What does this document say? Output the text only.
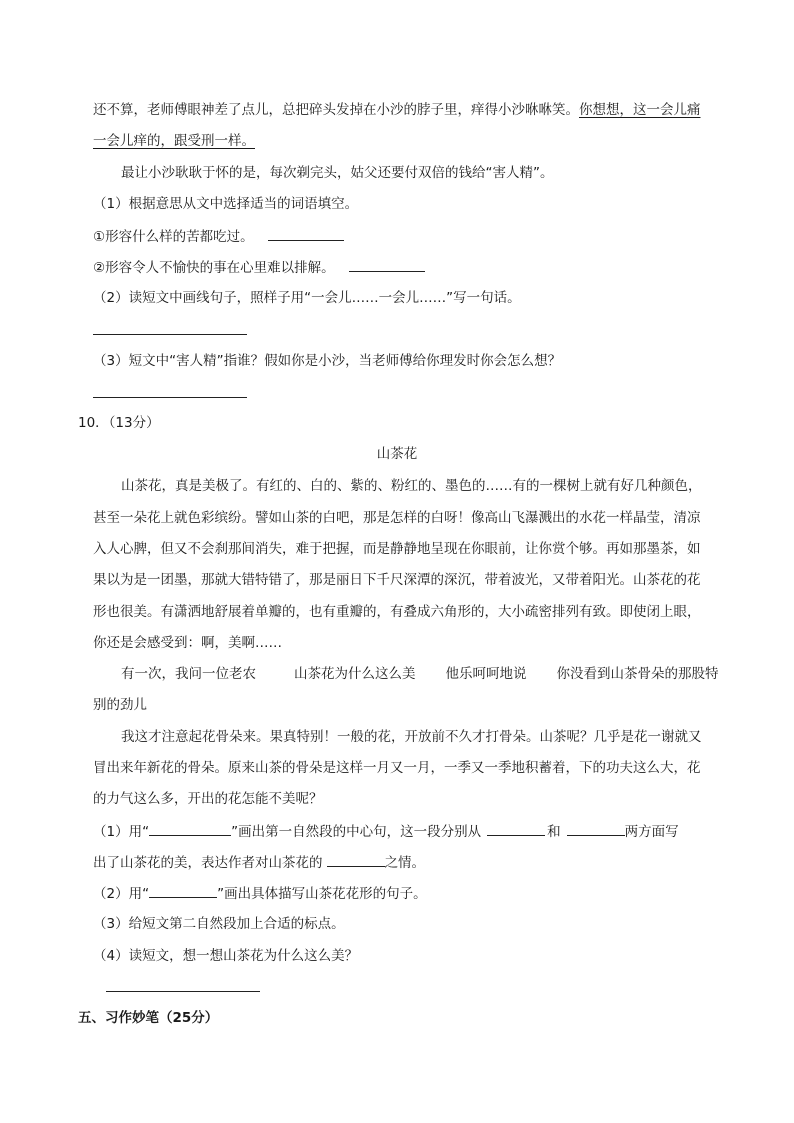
还不算，老师傅眼神差了点儿，总把碎头发掉在小沙的脖子里，痒得小沙咻咻笑。你想想，这一会儿痛
一会儿痒的，跟受刑一样。
最让小沙耿耿于怀的是，每次剃完头，姑父还要付双倍的钱给“害人精”。
（1）根据意思从文中选择适当的词语填空。
①形容什么样的苦都吃过。
②形容令人不愉快的事在心里难以排解。
（2）读短文中画线句子，照样子用“一会儿……一会儿……”写一句话。
（3）短文中“害人精”指谁？假如你是小沙，当老师傅给你理发时你会怎么想？
10．（13分）
山茶花
山茶花，真是美极了。有红的、白的、紫的、粉红的、墨色的……有的一棵树上就有好几种颜色，
甚至一朵花上就色彩缤纷。譬如山茶的白吧，那是怎样的白呀！像高山飞瀑溅出的水花一样晶莹，清凉
入人心脾，但又不会刹那间消失，难于把握，而是静静地呈现在你眼前，让你赏个够。再如那墨茶，如
果以为是一团墨，那就大错特错了，那是丽日下千尺深潭的深沉，带着波光，又带着阳光。山茶花的花
形也很美。有潇洒地舒展着单瓣的，也有重瓣的，有叠成六角形的，大小疏密排列有致。即使闭上眼，
你还是会感受到：啊，美啊……
有一次，我问一位老农	山茶花为什么这么美 他乐呵呵地说 你没看到山茶骨朵的那股特
别的劲儿
我这才注意起花骨朵来。果真特别！一般的花，开放前不久才打骨朵。山茶呢？几乎是花一谢就又
冒出来年新花的骨朵。原来山茶的骨朵是这样一月又一月，一季又一季地积蓄着，下的功夫这么大，花
的力气这么多，开出的花怎能不美呢？
（1）用“	”画出第一自然段的中心句，这一段分别从	和	两方面写
出了山茶花的美，表达作者对山茶花的	之情。
（2）用“	”画出具体描写山茶花花形的句子。
（3）给短文第二自然段加上合适的标点。
（4）读短文，想一想山茶花为什么这么美？
五、习作妙笔（25分）
